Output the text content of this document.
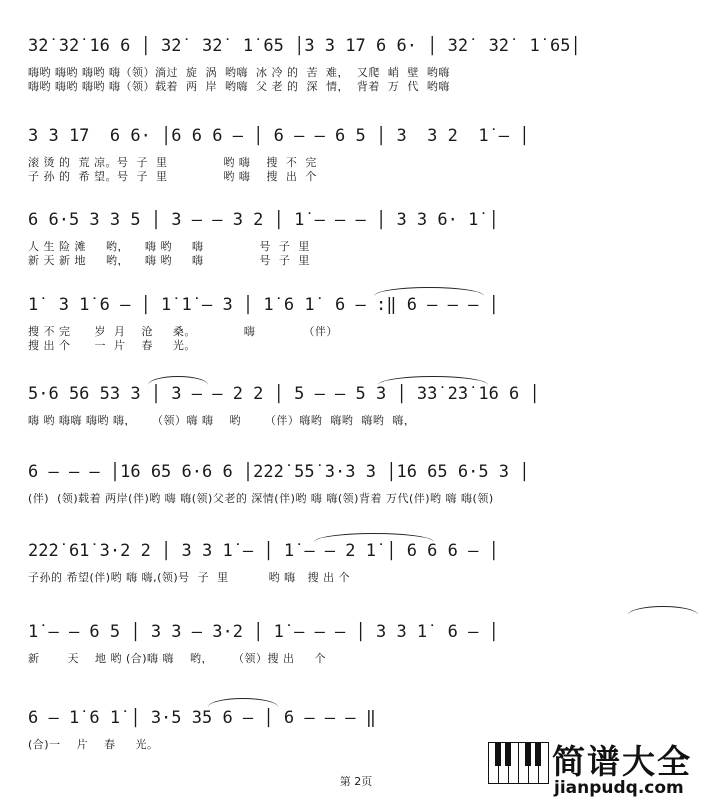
3̇2̇ 3̇2̇ 1̇6 6 │ 3̇2̇  3̇2̇  1̇ 65 │3 3 1̇7 6 6· │ 3̇2̇  3̇2̇  1̇ 65│
嗨哟 嗨哟 嗨哟 嗨（领）淌过  旋  涡  哟嗨  冰 冷 的  苦  难，  又爬  峭  壁  哟嗨
嗨哟 嗨哟 嗨哟 嗨（领）载着  两  岸  哟嗨  父 老 的  深  情，  背着  万  代  哟嗨
3 3 1̇7  6 6· │6 6 6 – │ 6 – – 6 5 │ 3  3 2  1̇ – │
滚 烫 的  荒 凉。号  子  里              哟 嗨    搜  不  完
子 孙 的  希 望。号  子  里              哟 嗨    搜  出  个
6 6·5 3 3 5 │ 3 – – 3 2 │ 1̇ – – – │ 3 3 6· 1̇ │
人 生 险 滩     哟，    嗨 哟     嗨              号  子  里
新 天 新 地     哟，    嗨 哟     嗨              号  子  里
1̇  3 1̇ 6 – │ 1̇ 1̇ – 3 │ 1̇ 6 1̇  6 – :‖ 6 – – – │
搜 不 完      岁  月    沧     桑。            嗨            （伴）
搜 出 个      一  片    春     光。
5·6 56 53 3 │ 3 – – 2 2 │ 5 – – 5 3 │ 3̇3̇ 2̇3̇ 1̇6 6 │
嗨 哟 嗨嗨 嗨哟 嗨，    （领）嗨 嗨    哟      （伴）嗨哟  嗨哟  嗨哟  嗨，
6 – – – │1̇6 65 6·6 6 │2̇2̇2̇ 5̇5̇ 3·3 3 │1̇6 65 6·5 3 │
(伴)  (领)载着 两岸(伴)哟 嗨 嗨(领)父老的 深情(伴)哟 嗨 嗨(领)背着 万代(伴)哟 嗨 嗨(领)
2̇2̇2̇ 6̇1̇ 3·2 2 │ 3 3 1̇ – │ 1̇ – – 2 1̇ │ 6 6 6 – │
子孙的 希望(伴)哟 嗨 嗨,(领)号  子  里          哟 嗨   搜 出 个
1̇ – – 6 5 │ 3 3 – 3·2 │ 1̇ – – – │ 3 3 1̇  6 – │
新       天    地 哟 (合)嗨 嗨    哟，     （领）搜 出     个
6 – 1̇ 6 1̇ │ 3·5 35 6 – │ 6 – – – ‖
(合)一    片    春     光。
第 2页
简谱大全
jianpudq.com
